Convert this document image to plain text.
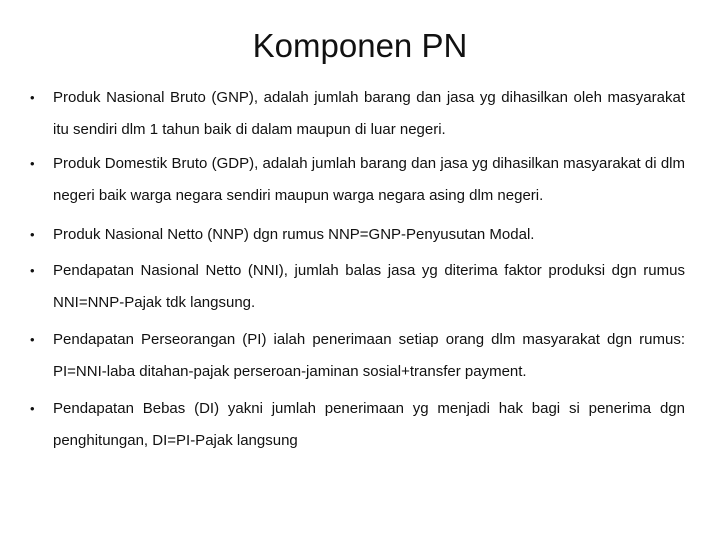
Komponen PN
• Produk Nasional Bruto (GNP), adalah jumlah barang dan jasa yg dihasilkan oleh masyarakat itu sendiri dlm 1 tahun baik di dalam maupun di luar negeri.

• Produk Domestik Bruto (GDP), adalah jumlah barang dan jasa yg dihasilkan masyarakat di dlm negeri baik warga negara sendiri maupun warga negara asing dlm negeri.

• Produk Nasional Netto (NNP) dgn rumus NNP=GNP-Penyusutan Modal.

• Pendapatan Nasional Netto (NNI), jumlah balas jasa yg diterima faktor produksi dgn rumus NNI=NNP-Pajak tdk langsung.

• Pendapatan Perseorangan (PI) ialah penerimaan setiap orang dlm masyarakat dgn rumus: PI=NNI-laba ditahan-pajak perseroan-jaminan sosial+transfer payment.

• Pendapatan Bebas (DI) yakni jumlah penerimaan yg menjadi hak bagi si penerima dgn penghitungan, DI=PI-Pajak langsung
